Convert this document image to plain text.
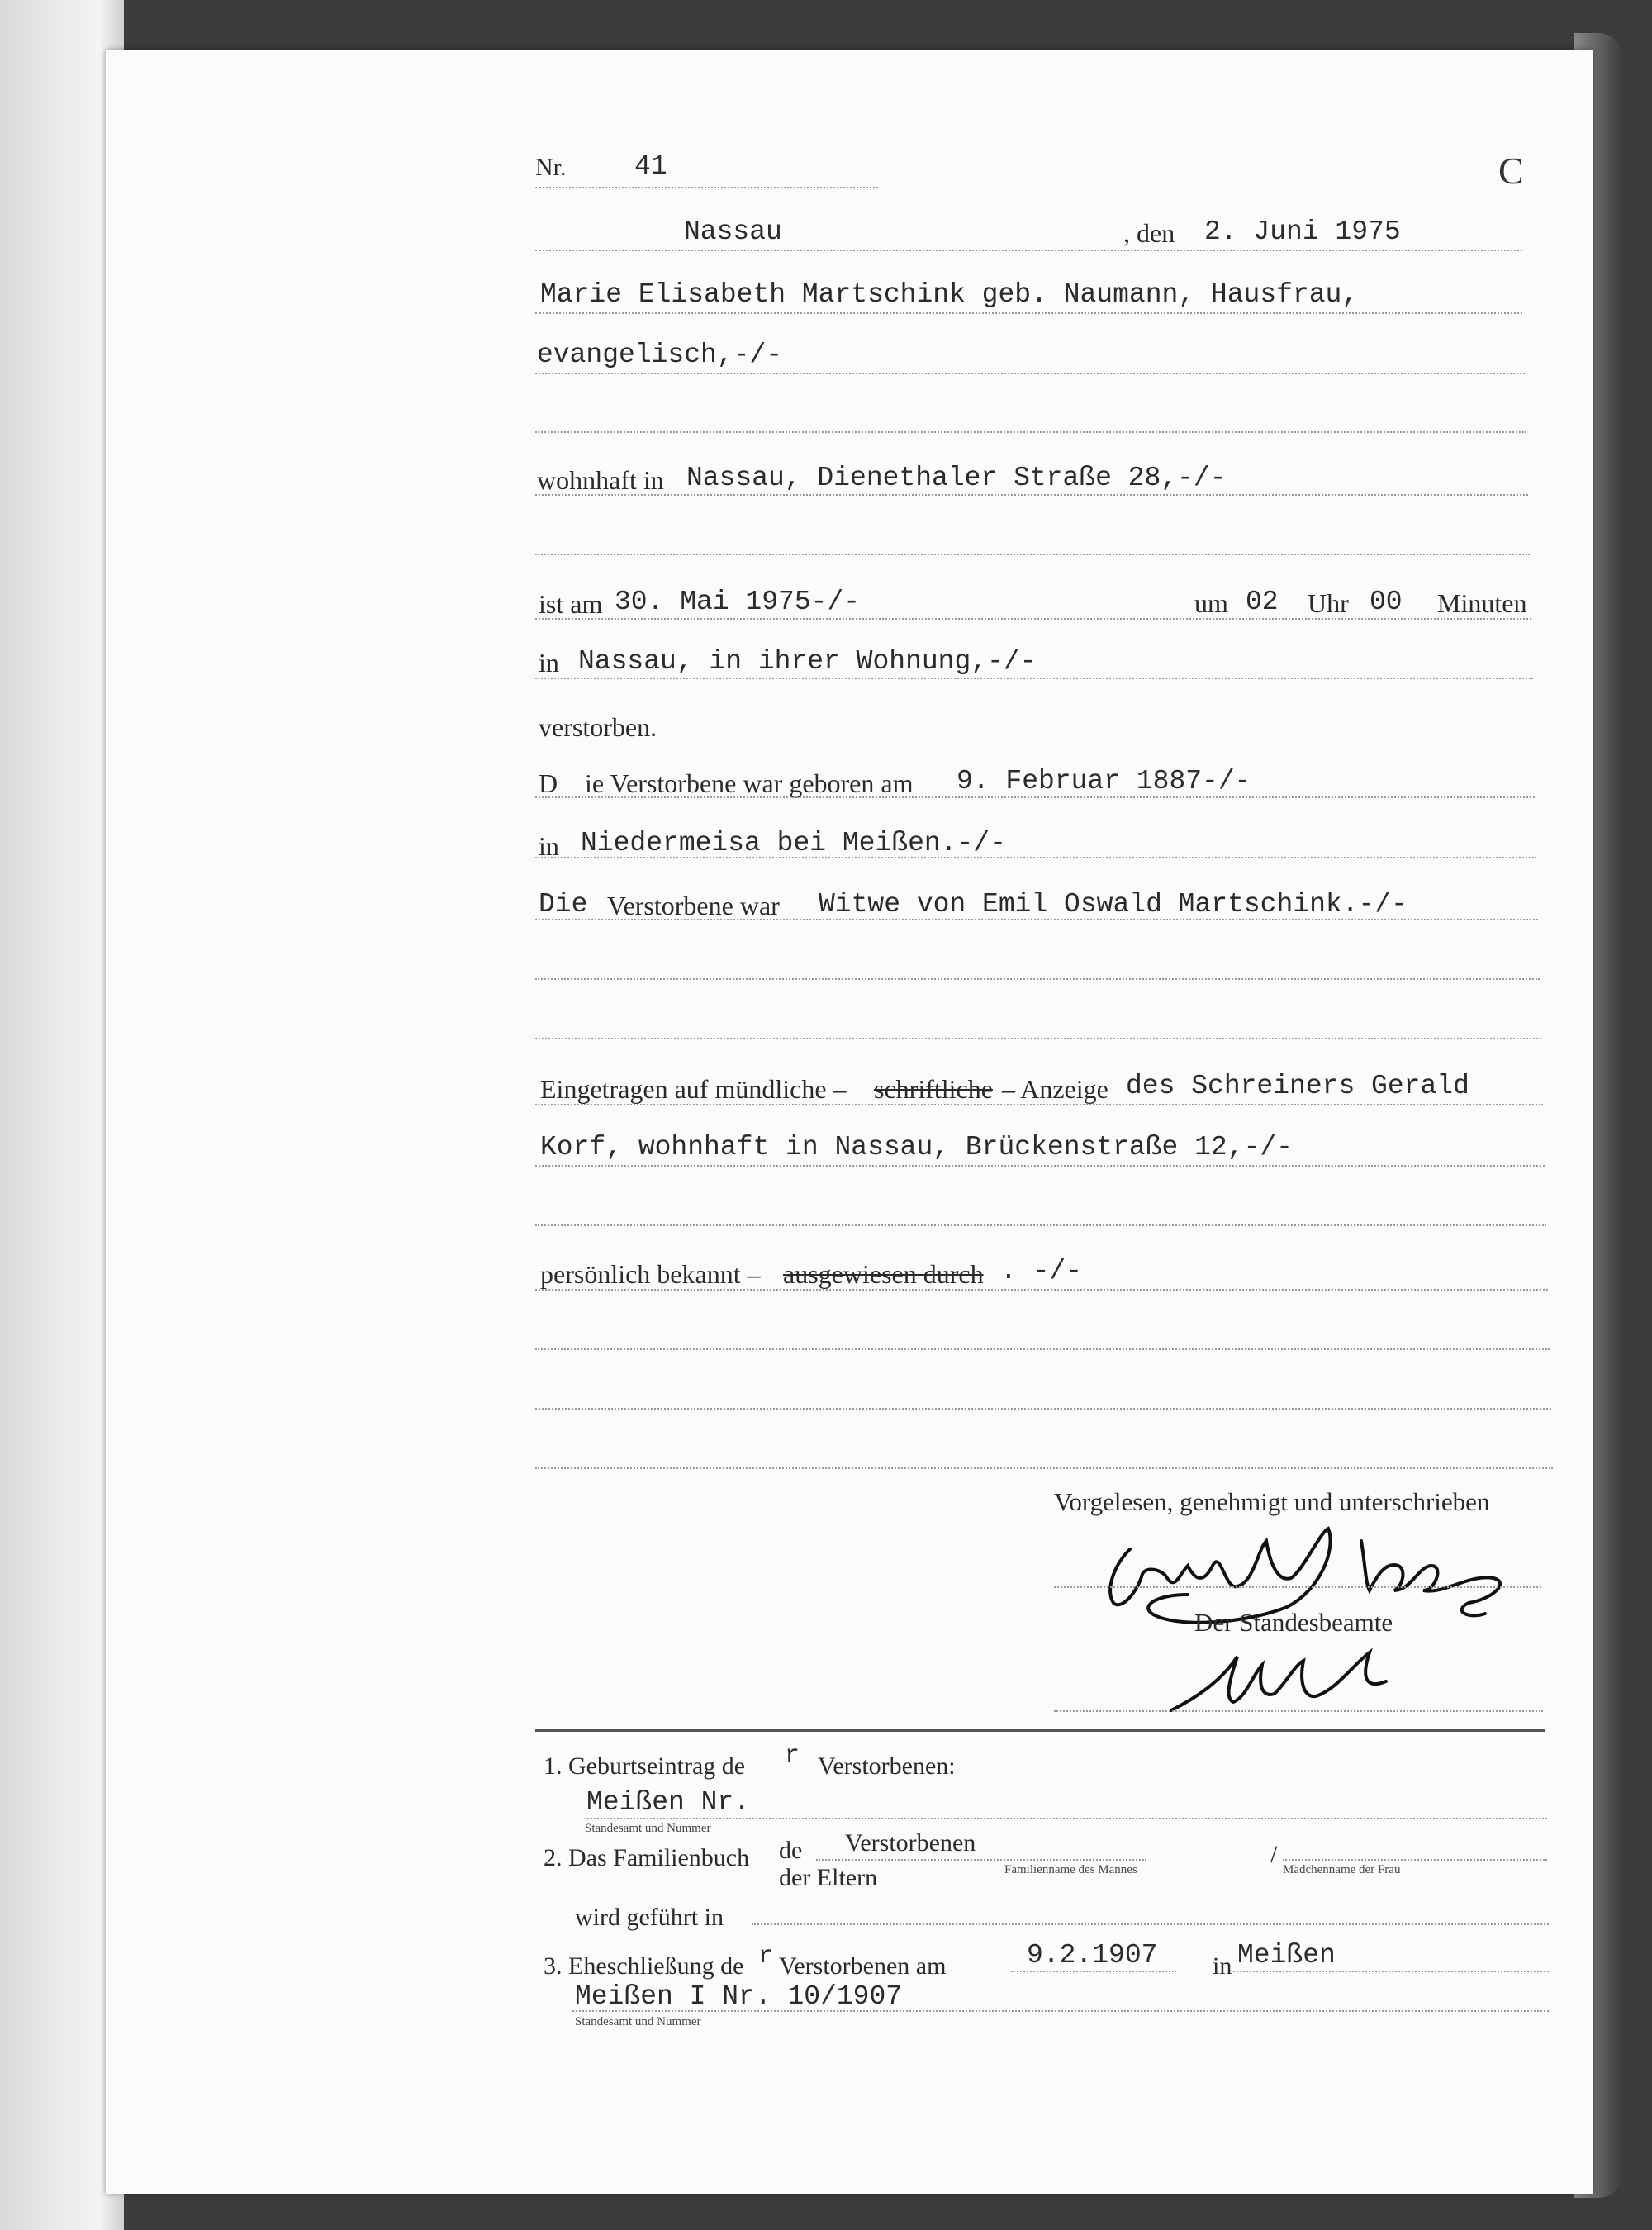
Nr.	41	C
Nassau	, den 2. Juni 1975
Marie Elisabeth Martschink geb. Naumann, Hausfrau,
evangelisch,-/-
wohnhaft in Nassau, Dienethaler Straße 28,-/-
ist am 30. Mai 1975-/-	um 02 Uhr 00 Minuten
in Nassau, in ihrer Wohnung,-/-
verstorben.
D ie Verstorbene war geboren am 9. Februar 1887-/-
in Niedermeisa bei Meißen.-/-
Die Verstorbene war Witwe von Emil Oswald Martschink.-/-
Eingetragen auf mündliche – schriftliche – Anzeige des Schreiners Gerald
Korf, wohnhaft in Nassau, Brückenstraße 12,-/-
persönlich bekannt – ausgewiesen durch . -/-
Vorgelesen, genehmigt und unterschrieben
Der Standesbeamte
1. Geburtseintrag de r Verstorbenen:
Meißen Nr.
Standesamt und Nummer
2. Das Familienbuch de Verstorbenen	/
der Eltern	Familienname des Mannes	Mädchenname der Frau
wird geführt in
3. Eheschließung de r Verstorbenen am	9.2.1907 in Meißen
Meißen I Nr. 10/1907
Standesamt und Nummer
